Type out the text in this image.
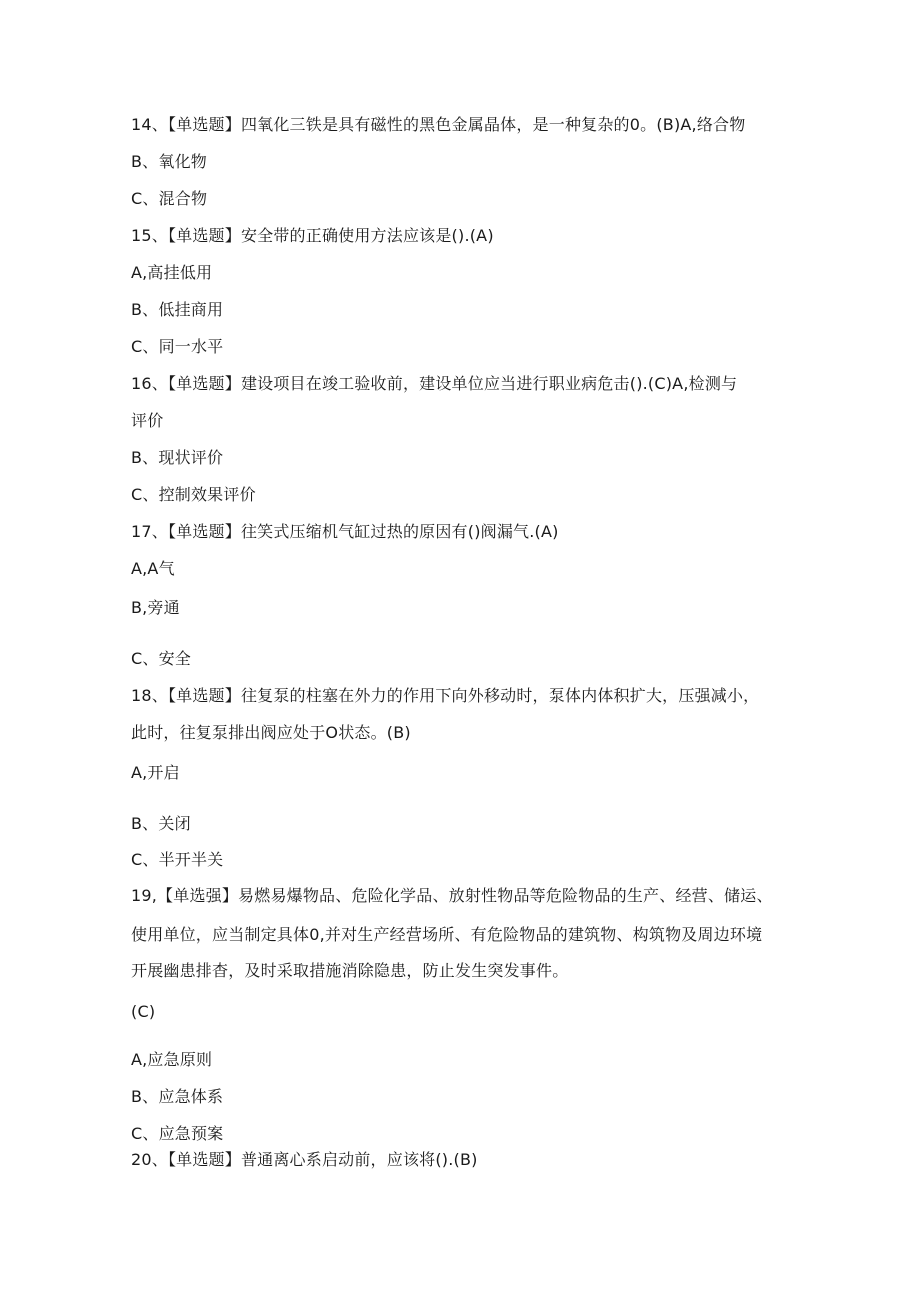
14、【单选题】四氧化三铁是具有磁性的黑色金属晶体，是一种复杂的0。(B)A,络合物
B、氧化物
C、混合物
15、【单选题】安全带的正确使用方法应该是().(A)
A,高挂低用
B、低挂商用
C、同一水平
16、【单选题】建设项目在竣工验收前，建设单位应当进行职业病危击().(C)A,检测与
评价
B、现状评价
C、控制效果评价
17、【单选题】往笑式压缩机气缸过热的原因有()阀漏气.(A)
A,A气
B,旁通
C、安全
18、【单选题】往复泵的柱塞在外力的作用下向外移动时，泵体内体积扩大，压强减小，
此时，往复泵排出阀应处于O状态。(B)
A,开启
B、关闭
C、半开半关
19,【单选强】易燃易爆物品、危险化学品、放射性物品等危险物品的生产、经营、储运、
使用单位，应当制定具体0,并对生产经营场所、有危险物品的建筑物、构筑物及周边环境
开展幽患排杳，及时采取措施消除隐患，防止发生突发事件。
(C)
A,应急原则
B、应急体系
C、应急预案
20、【单选题】普通离心系启动前，应该将().(B)
